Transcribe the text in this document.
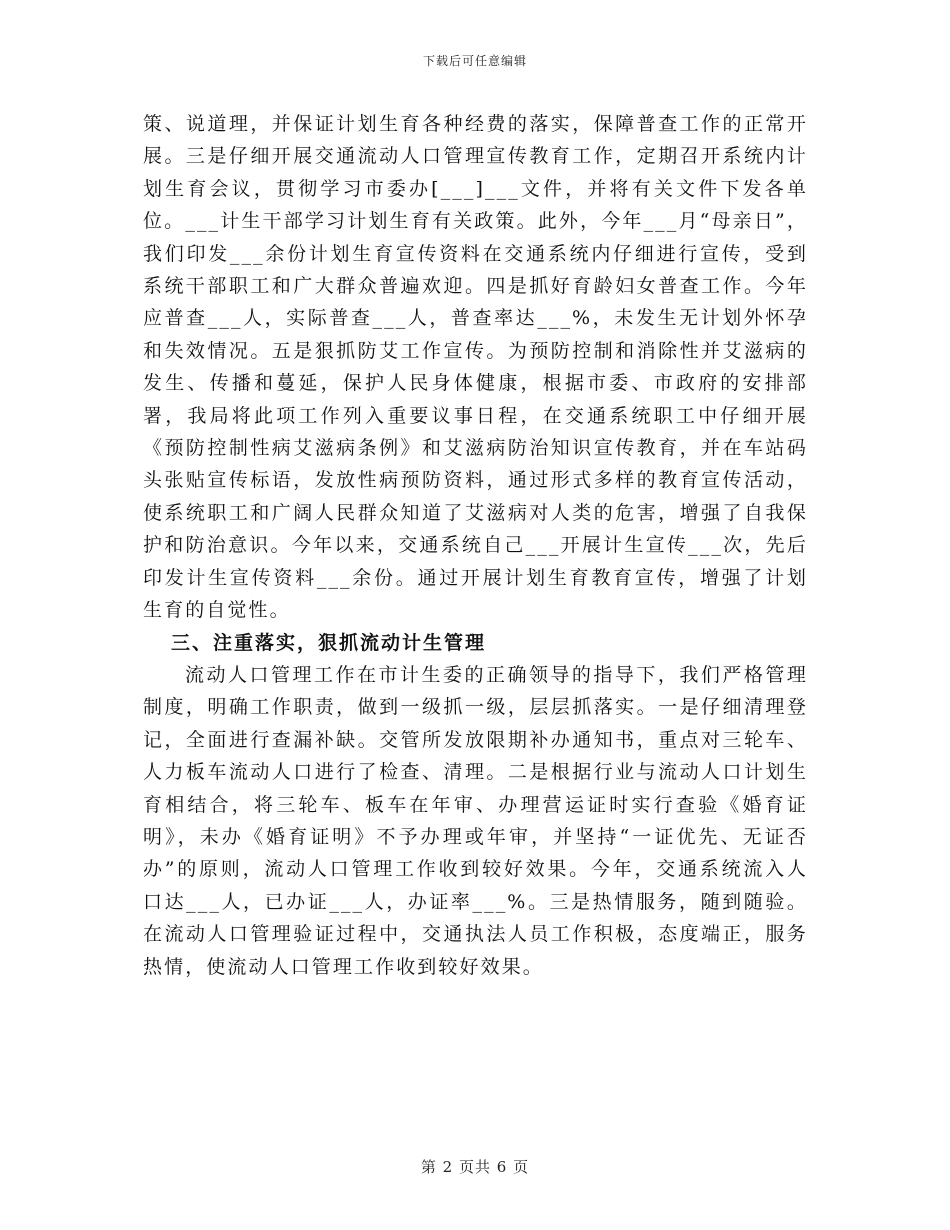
下载后可任意编辑

策、说道理，并保证计划生育各种经费的落实，保障普查工作的正常开展。三是仔细开展交通流动人口管理宣传教育工作，定期召开系统内计划生育会议，贯彻学习市委办[___]___文件，并将有关文件下发各单位。___计生干部学习计划生育有关政策。此外，今年___月“母亲日”，我们印发___余份计划生育宣传资料在交通系统内仔细进行宣传，受到系统干部职工和广大群众普遍欢迎。四是抓好育龄妇女普查工作。今年应普查___人，实际普查___人，普查率达___%，未发生无计划外怀孕和失效情况。五是狠抓防艾工作宣传。为预防控制和消除性并艾滋病的发生、传播和蔓延，保护人民身体健康，根据市委、市政府的安排部署，我局将此项工作列入重要议事日程，在交通系统职工中仔细开展《预防控制性病艾滋病条例》和艾滋病防治知识宣传教育，并在车站码头张贴宣传标语，发放性病预防资料，通过形式多样的教育宣传活动，使系统职工和广阔人民群众知道了艾滋病对人类的危害，增强了自我保护和防治意识。今年以来，交通系统自己___开展计生宣传___次，先后印发计生宣传资料___余份。通过开展计划生育教育宣传，增强了计划生育的自觉性。

三、注重落实，狠抓流动计生管理

流动人口管理工作在市计生委的正确领导的指导下，我们严格管理制度，明确工作职责，做到一级抓一级，层层抓落实。一是仔细清理登记，全面进行查漏补缺。交管所发放限期补办通知书，重点对三轮车、人力板车流动人口进行了检查、清理。二是根据行业与流动人口计划生育相结合，将三轮车、板车在年审、办理营运证时实行查验《婚育证明》，未办《婚育证明》不予办理或年审，并坚持“一证优先、无证否办”的原则，流动人口管理工作收到较好效果。今年，交通系统流入人口达___人，已办证___人，办证率___%。三是热情服务，随到随验。在流动人口管理验证过程中，交通执法人员工作积极，态度端正，服务热情，使流动人口管理工作收到较好效果。

第 2 页共 6 页
